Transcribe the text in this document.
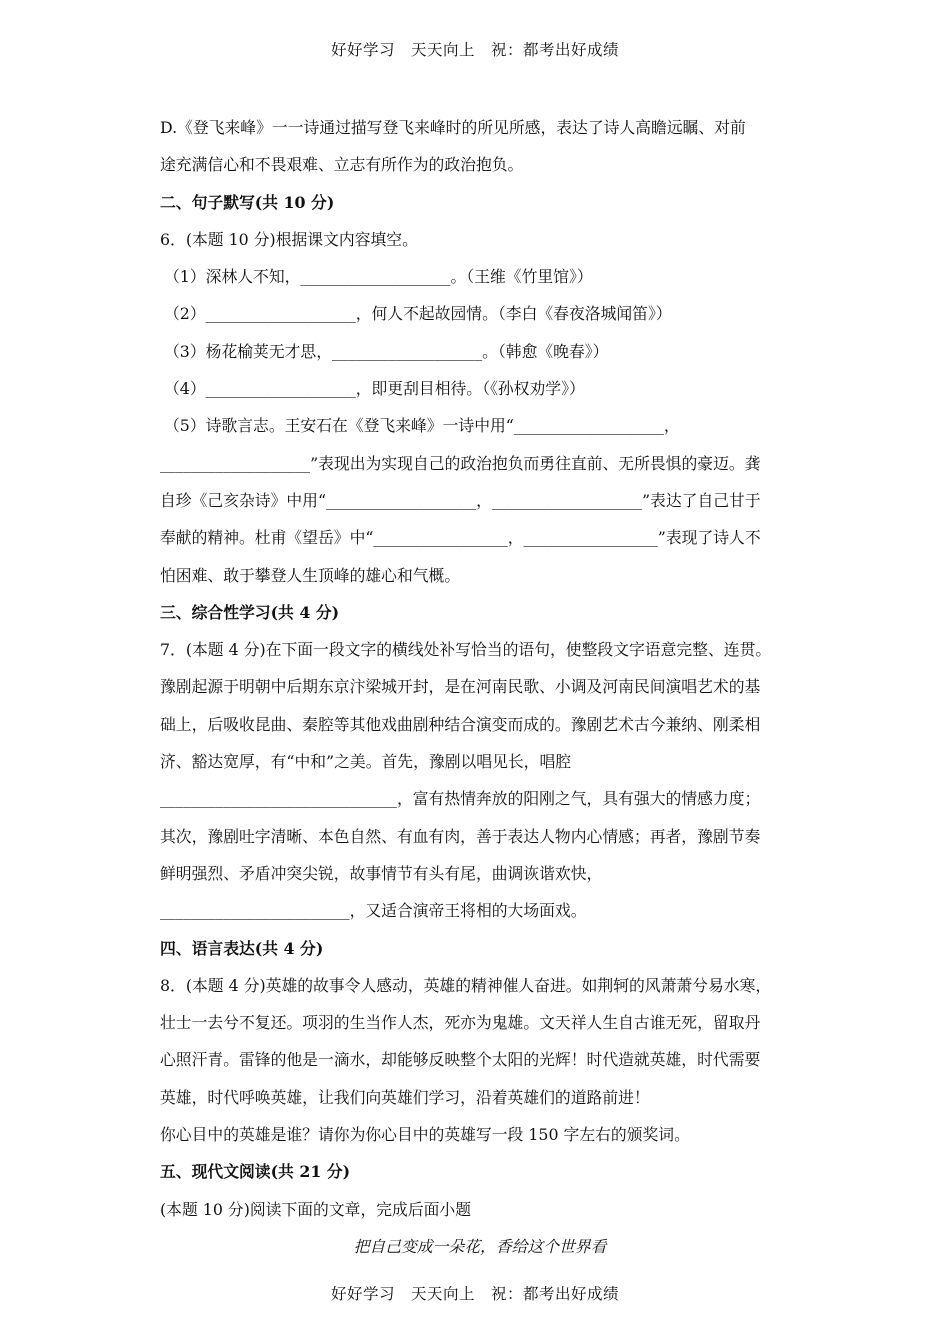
好好学习　天天向上　祝：都考出好成绩
D.《登飞来峰》一一诗通过描写登飞来峰时的所见所感，表达了诗人高瞻远瞩、对前
途充满信心和不畏艰难、立志有所作为的政治抱负。
二、句子默写(共 10 分)
6．(本题 10 分)根据课文内容填空。
（1）深林人不知，___________________。（王维《竹里馆》）
（2）___________________，何人不起故园情。（李白《春夜洛城闻笛》）
（3）杨花榆荚无才思，___________________。（韩愈《晚春》）
（4）___________________，即更刮目相待。（《孙权劝学》）
（5）诗歌言志。王安石在《登飞来峰》一诗中用“___________________，
___________________”表现出为实现自己的政治抱负而勇往直前、无所畏惧的豪迈。龚
自珍《己亥杂诗》中用“___________________，___________________”表达了自己甘于
奉献的精神。杜甫《望岳》中“_________________，_________________”表现了诗人不
怕困难、敢于攀登人生顶峰的雄心和气概。
三、综合性学习(共 4 分)
7．(本题 4 分)在下面一段文字的横线处补写恰当的语句，使整段文字语意完整、连贯。
豫剧起源于明朝中后期东京汴梁城开封，是在河南民歌、小调及河南民间演唱艺术的基
础上，后吸收昆曲、秦腔等其他戏曲剧种结合演变而成的。豫剧艺术古今兼纳、刚柔相
济、豁达宽厚，有“中和”之美。首先，豫剧以唱见长，唱腔
______________________________，富有热情奔放的阳刚之气，具有强大的情感力度；
其次，豫剧吐字清晰、本色自然、有血有肉，善于表达人物内心情感；再者，豫剧节奏
鲜明强烈、矛盾冲突尖锐，故事情节有头有尾，曲调诙谐欢快，
________________________，又适合演帝王将相的大场面戏。
四、语言表达(共 4 分)
8．(本题 4 分)英雄的故事令人感动，英雄的精神催人奋进。如荆轲的风萧萧兮易水寒，
壮士一去兮不复还。项羽的生当作人杰，死亦为鬼雄。文天祥人生自古谁无死，留取丹
心照汗青。雷锋的他是一滴水，却能够反映整个太阳的光辉！时代造就英雄，时代需要
英雄，时代呼唤英雄，让我们向英雄们学习，沿着英雄们的道路前进！
你心目中的英雄是谁？请你为你心目中的英雄写一段 150 字左右的颁奖词。
五、现代文阅读(共 21 分)
(本题 10 分)阅读下面的文章，完成后面小题
把自己变成一朵花，香给这个世界看
好好学习　天天向上　祝：都考出好成绩
